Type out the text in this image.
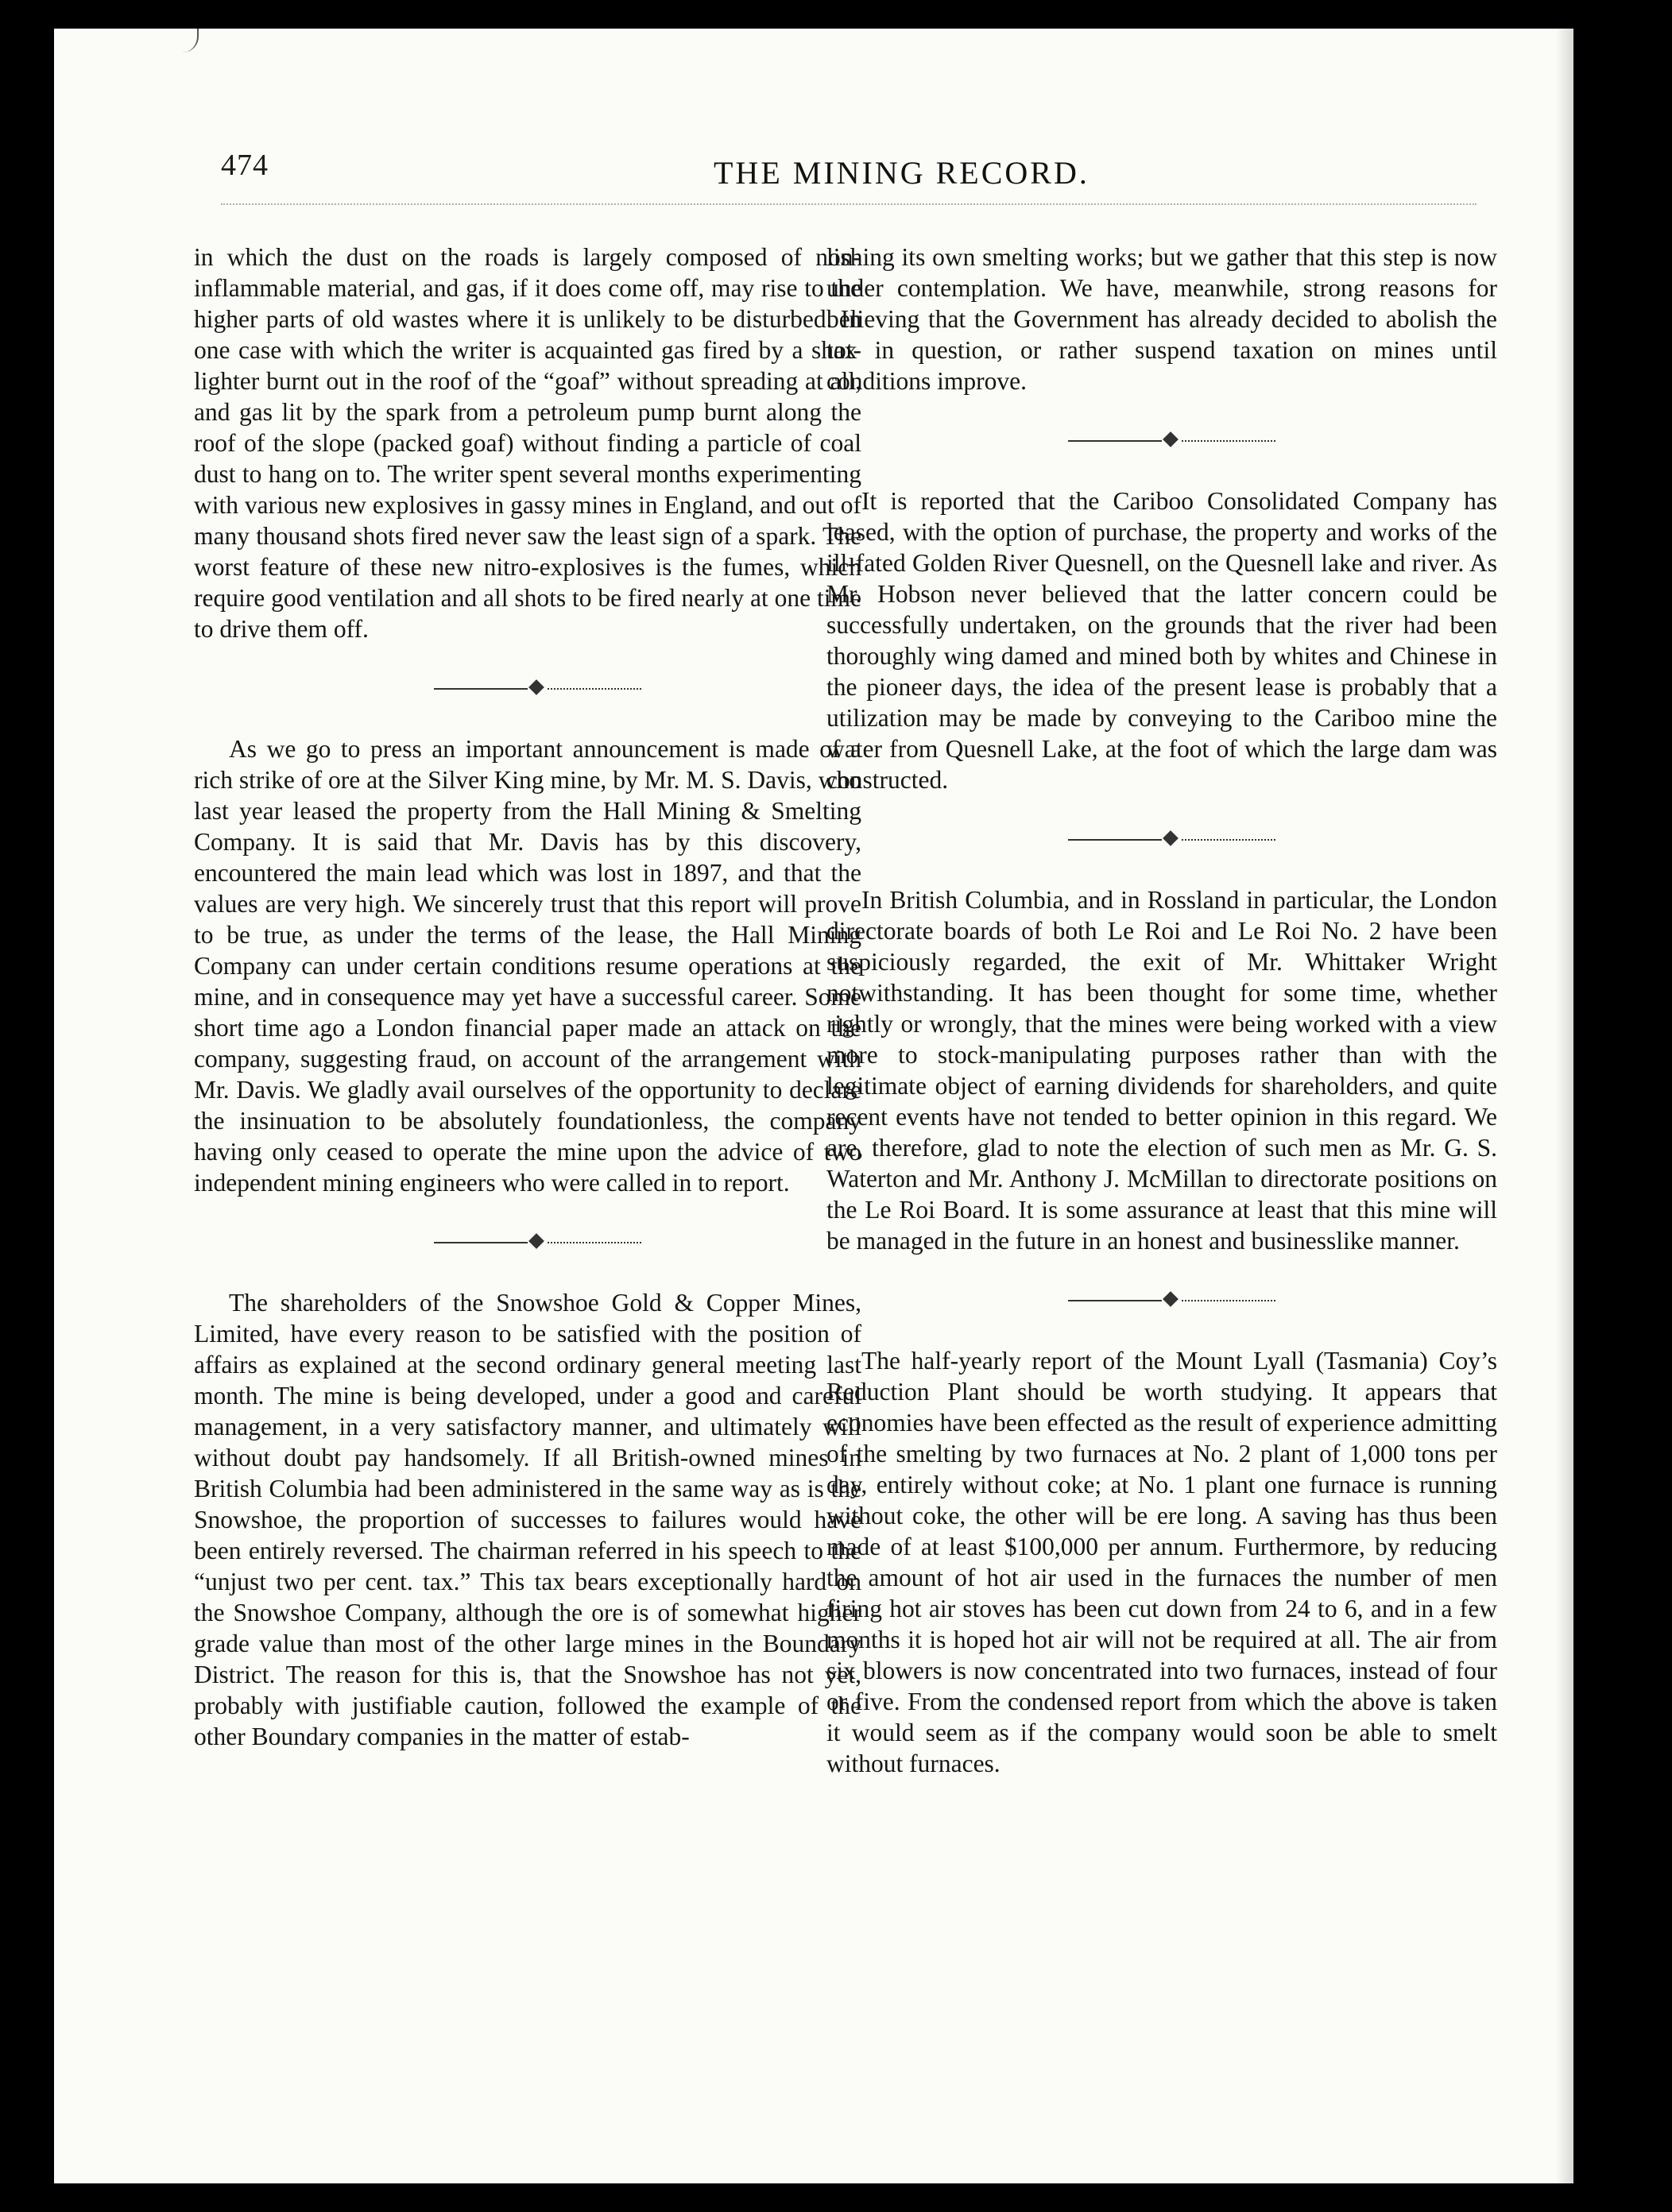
474	THE MINING RECORD.

in which the dust on the roads is largely composed of non-inflammable material, and gas, if it does come off, may rise to the higher parts of old wastes where it is unlikely to be disturbed. In one case with which the writer is acquainted gas fired by a shot-lighter burnt out in the roof of the “goaf” without spreading at all, and gas lit by the spark from a petroleum pump burnt along the roof of the slope (packed goaf) without finding a particle of coal dust to hang on to. The writer spent several months experimenting with various new explosives in gassy mines in England, and out of many thousand shots fired never saw the least sign of a spark. The worst feature of these new nitro-explosives is the fumes, which require good ventilation and all shots to be fired nearly at one time to drive them off.

As we go to press an important announcement is made of a rich strike of ore at the Silver King mine, by Mr. M. S. Davis, who last year leased the property from the Hall Mining & Smelting Company. It is said that Mr. Davis has by this discovery, encountered the main lead which was lost in 1897, and that the values are very high. We sincerely trust that this report will prove to be true, as under the terms of the lease, the Hall Mining Company can under certain conditions resume operations at the mine, and in consequence may yet have a successful career. Some short time ago a London financial paper made an attack on the company, suggesting fraud, on account of the arrangement with Mr. Davis. We gladly avail ourselves of the opportunity to declare the insinuation to be absolutely foundationless, the company having only ceased to operate the mine upon the advice of two independent mining engineers who were called in to report.

The shareholders of the Snowshoe Gold & Copper Mines, Limited, have every reason to be satisfied with the position of affairs as explained at the second ordinary general meeting last month. The mine is being developed, under a good and careful management, in a very satisfactory manner, and ultimately will without doubt pay handsomely. If all British-owned mines in British Columbia had been administered in the same way as is the Snowshoe, the proportion of successes to failures would have been entirely reversed. The chairman referred in his speech to the “unjust two per cent. tax.” This tax bears exceptionally hard on the Snowshoe Company, although the ore is of somewhat higher grade value than most of the other large mines in the Boundary District. The reason for this is, that the Snowshoe has not yet, probably with justifiable caution, followed the example of the other Boundary companies in the matter of estab-

lishing its own smelting works; but we gather that this step is now under contemplation. We have, meanwhile, strong reasons for believing that the Government has already decided to abolish the tax in question, or rather suspend taxation on mines until conditions improve.

It is reported that the Cariboo Consolidated Company has leased, with the option of purchase, the property and works of the ill-fated Golden River Quesnell, on the Quesnell lake and river. As Mr. Hobson never believed that the latter concern could be successfully undertaken, on the grounds that the river had been thoroughly wing damed and mined both by whites and Chinese in the pioneer days, the idea of the present lease is probably that a utilization may be made by conveying to the Cariboo mine the water from Quesnell Lake, at the foot of which the large dam was constructed.

In British Columbia, and in Rossland in particular, the London directorate boards of both Le Roi and Le Roi No. 2 have been suspiciously regarded, the exit of Mr. Whittaker Wright notwithstanding. It has been thought for some time, whether rightly or wrongly, that the mines were being worked with a view more to stock-manipulating purposes rather than with the legitimate object of earning dividends for shareholders, and quite recent events have not tended to better opinion in this regard. We are, therefore, glad to note the election of such men as Mr. G. S. Waterton and Mr. Anthony J. McMillan to directorate positions on the Le Roi Board. It is some assurance at least that this mine will be managed in the future in an honest and businesslike manner.

The half-yearly report of the Mount Lyall (Tasmania) Coy’s Reduction Plant should be worth studying. It appears that economies have been effected as the result of experience admitting of the smelting by two furnaces at No. 2 plant of 1,000 tons per day, entirely without coke; at No. 1 plant one furnace is running without coke, the other will be ere long. A saving has thus been made of at least $100,000 per annum. Furthermore, by reducing the amount of hot air used in the furnaces the number of men firing hot air stoves has been cut down from 24 to 6, and in a few months it is hoped hot air will not be required at all. The air from six blowers is now concentrated into two furnaces, instead of four or five. From the condensed report from which the above is taken it would seem as if the company would soon be able to smelt without furnaces.
